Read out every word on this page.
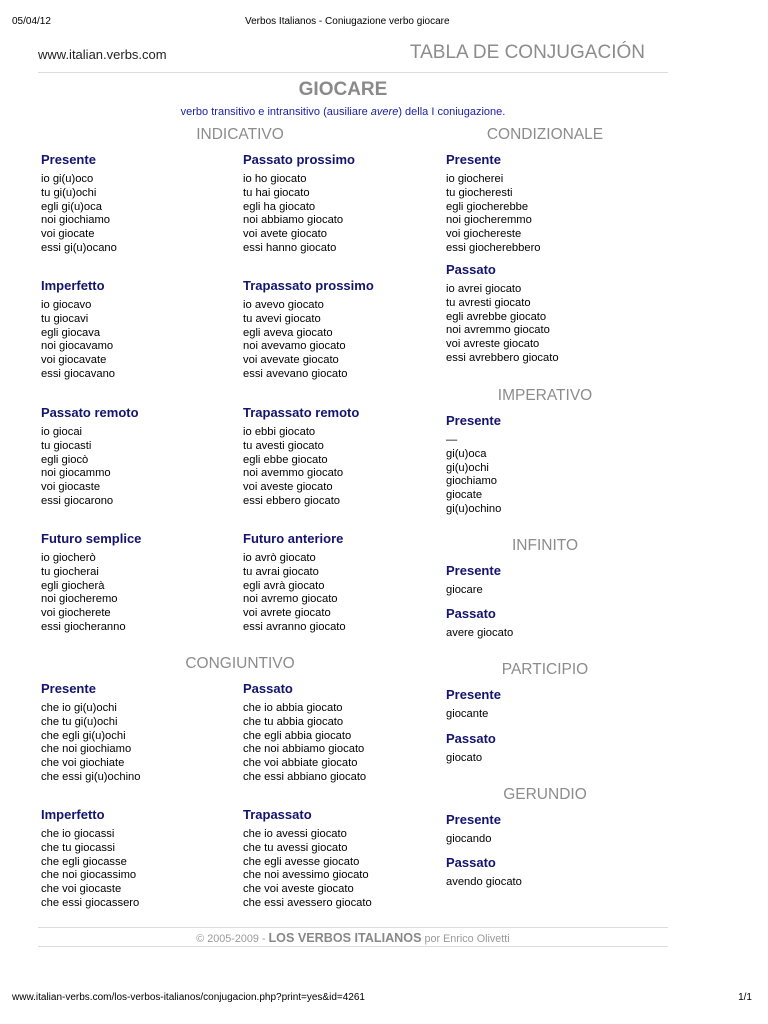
05/04/12	Verbos Italianos - Coniugazione verbo giocare
www.italian.verbs.com	TABLA DE CONJUGACIÓN
GIOCARE
verbo transitivo e intransitivo (ausiliare avere) della I coniugazione.
INDICATIVO
Presente
io gi(u)oco
tu gi(u)ochi
egli gi(u)oca
noi giochiamo
voi giocate
essi gi(u)ocano
Passato prossimo
io ho giocato
tu hai giocato
egli ha giocato
noi abbiamo giocato
voi avete giocato
essi hanno giocato
Imperfetto
io giocavo
tu giocavi
egli giocava
noi giocavamo
voi giocavate
essi giocavano
Trapassato prossimo
io avevo giocato
tu avevi giocato
egli aveva giocato
noi avevamo giocato
voi avevate giocato
essi avevano giocato
Passato remoto
io giocai
tu giocasti
egli giocò
noi giocammo
voi giocaste
essi giocarono
Trapassato remoto
io ebbi giocato
tu avesti giocato
egli ebbe giocato
noi avemmo giocato
voi aveste giocato
essi ebbero giocato
Futuro semplice
io giocherò
tu giocherai
egli giocherà
noi giocheremo
voi giocherete
essi giocheranno
Futuro anteriore
io avrò giocato
tu avrai giocato
egli avrà giocato
noi avremo giocato
voi avrete giocato
essi avranno giocato
CONGIUNTIVO
Presente
che io gi(u)ochi
che tu gi(u)ochi
che egli gi(u)ochi
che noi giochiamo
che voi giochiate
che essi gi(u)ochino
Passato
che io abbia giocato
che tu abbia giocato
che egli abbia giocato
che noi abbiamo giocato
che voi abbiate giocato
che essi abbiano giocato
Imperfetto
che io giocassi
che tu giocassi
che egli giocasse
che noi giocassimo
che voi giocaste
che essi giocassero
Trapassato
che io avessi giocato
che tu avessi giocato
che egli avesse giocato
che noi avessimo giocato
che voi aveste giocato
che essi avessero giocato
CONDIZIONALE
Presente
io giocherei
tu giocheresti
egli giocherebbe
noi giocheremmo
voi giochereste
essi giocherebbero
Passato
io avrei giocato
tu avresti giocato
egli avrebbe giocato
noi avremmo giocato
voi avreste giocato
essi avrebbero giocato
IMPERATIVO
Presente
—
gi(u)oca
gi(u)ochi
giochiamo
giocate
gi(u)ochino
INFINITO
Presente
giocare
Passato
avere giocato
PARTICIPIO
Presente
giocante
Passato
giocato
GERUNDIO
Presente
giocando
Passato
avendo giocato
© 2005-2009 - LOS VERBOS ITALIANOS por Enrico Olivetti
www.italian-verbs.com/los-verbos-italianos/conjugacion.php?print=yes&id=4261	1/1
